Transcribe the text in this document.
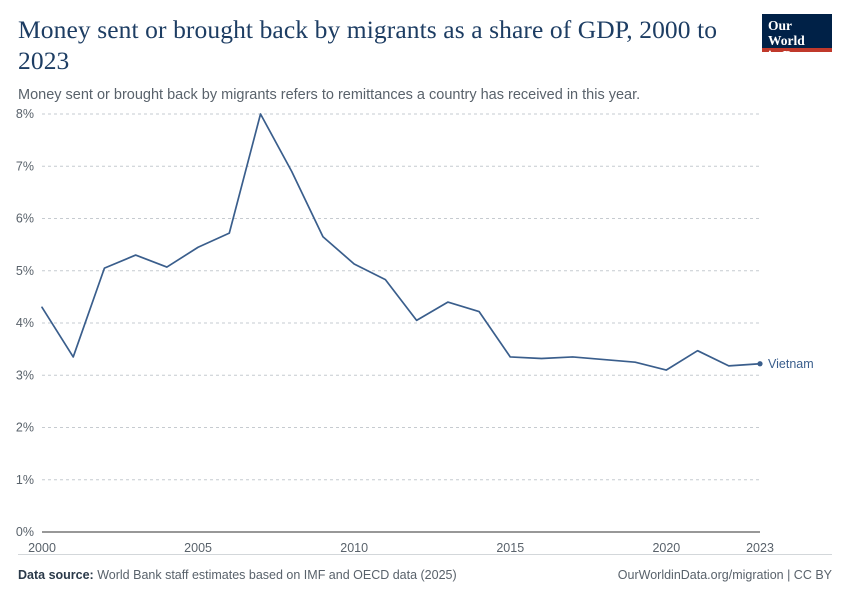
Money sent or brought back by migrants as a share of GDP, 2000 to 2023

Money sent or brought back by migrants refers to remittances a country has received in this year.

Our World
in Data
0%
1%
2%
3%
4%
5%
6%
7%
8%
2000	2005	2010	2015	2020	2023
Vietnam
Data source: World Bank staff estimates based on IMF and OECD data (2025)	OurWorldinData.org/migration | CC BY
